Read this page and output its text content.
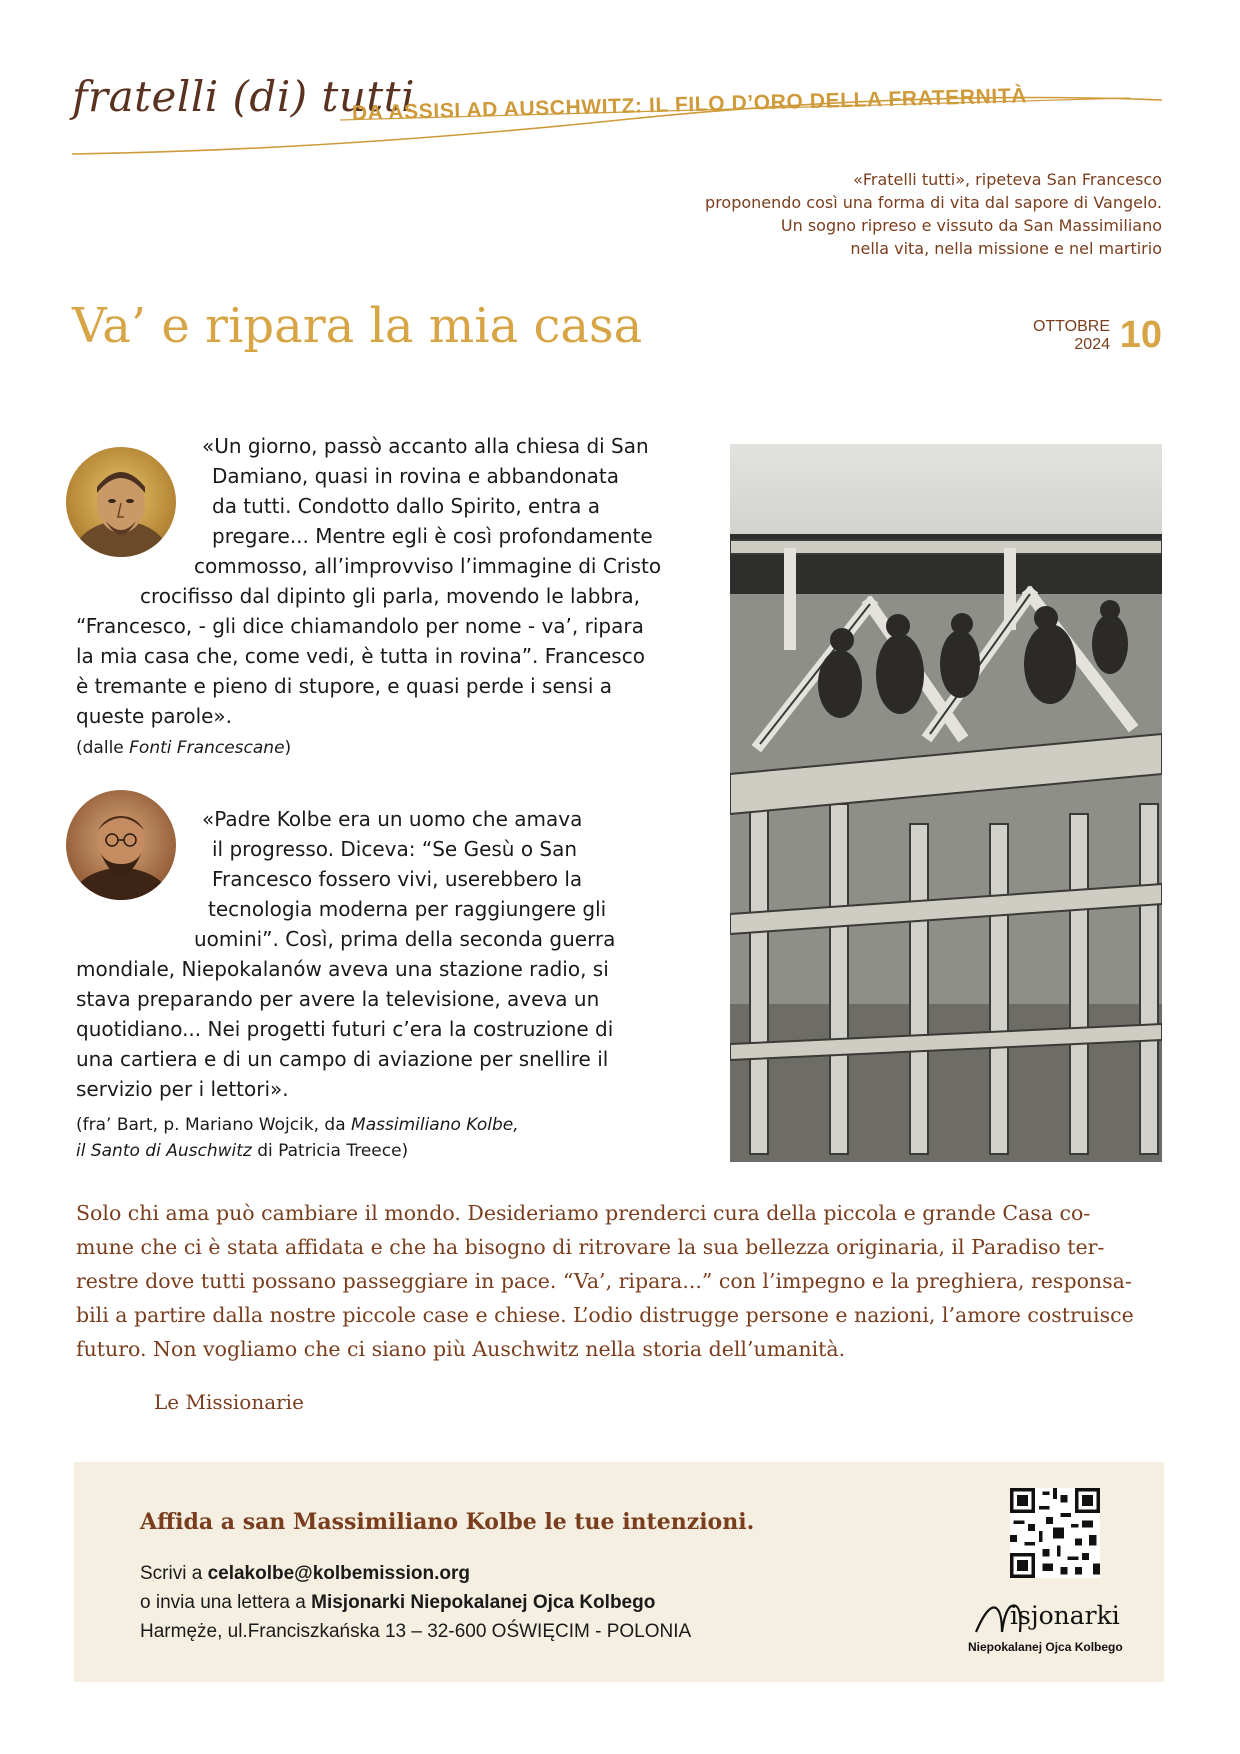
fratelli (di) tutti
DA ASSISI AD AUSCHWITZ: IL FILO D’ORO DELLA FRATERNITÀ
«Fratelli tutti», ripeteva San Francesco
proponendo così una forma di vita dal sapore di Vangelo.
Un sogno ripreso e vissuto da San Massimiliano
nella vita, nella missione e nel martirio
Va’ e ripara la mia casa	OTTOBRE
2024 10
«Un giorno, passò accanto alla chiesa di San
Damiano, quasi in rovina e abbandonata
da tutti. Condotto dallo Spirito, entra a
pregare... Mentre egli è così profondamente
commosso, all’improvviso l’immagine di Cristo
crocifisso dal dipinto gli parla, movendo le labbra,
“Francesco, - gli dice chiamandolo per nome - va’, ripara
la mia casa che, come vedi, è tutta in rovina”. Francesco
è tremante e pieno di stupore, e quasi perde i sensi a
queste parole».
(dalle Fonti Francescane)
«Padre Kolbe era un uomo che amava
il progresso. Diceva: “Se Gesù o San
Francesco fossero vivi, userebbero la
tecnologia moderna per raggiungere gli
uomini”. Così, prima della seconda guerra
mondiale, Niepokalanów aveva una stazione radio, si
stava preparando per avere la televisione, aveva un
quotidiano... Nei progetti futuri c’era la costruzione di
una cartiera e di un campo di aviazione per snellire il
servizio per i lettori».
(fra’ Bart, p. Mariano Wojcik, da Massimiliano Kolbe,
il Santo di Auschwitz di Patricia Treece)
Solo chi ama può cambiare il mondo. Desideriamo prenderci cura della piccola e grande Casa co-
mune che ci è stata affidata e che ha bisogno di ritrovare la sua bellezza originaria, il Paradiso ter-
restre dove tutti possano passeggiare in pace. “Va’, ripara...” con l’impegno e la preghiera, responsa-
bili a partire dalla nostre piccole case e chiese. L’odio distrugge persone e nazioni, l’amore costruisce
futuro. Non vogliamo che ci siano più Auschwitz nella storia dell’umanità.
Le Missionarie
Affida a san Massimiliano Kolbe le tue intenzioni.
Scrivi a celakolbe@kolbemission.org
o invia una lettera a Misjonarki Niepokalanej Ojca Kolbego
Harmęże, ul.Franciszkańska 13 – 32-600 OŚWIĘCIM - POLONIA
isjonarki
Niepokalanej Ojca Kolbego
